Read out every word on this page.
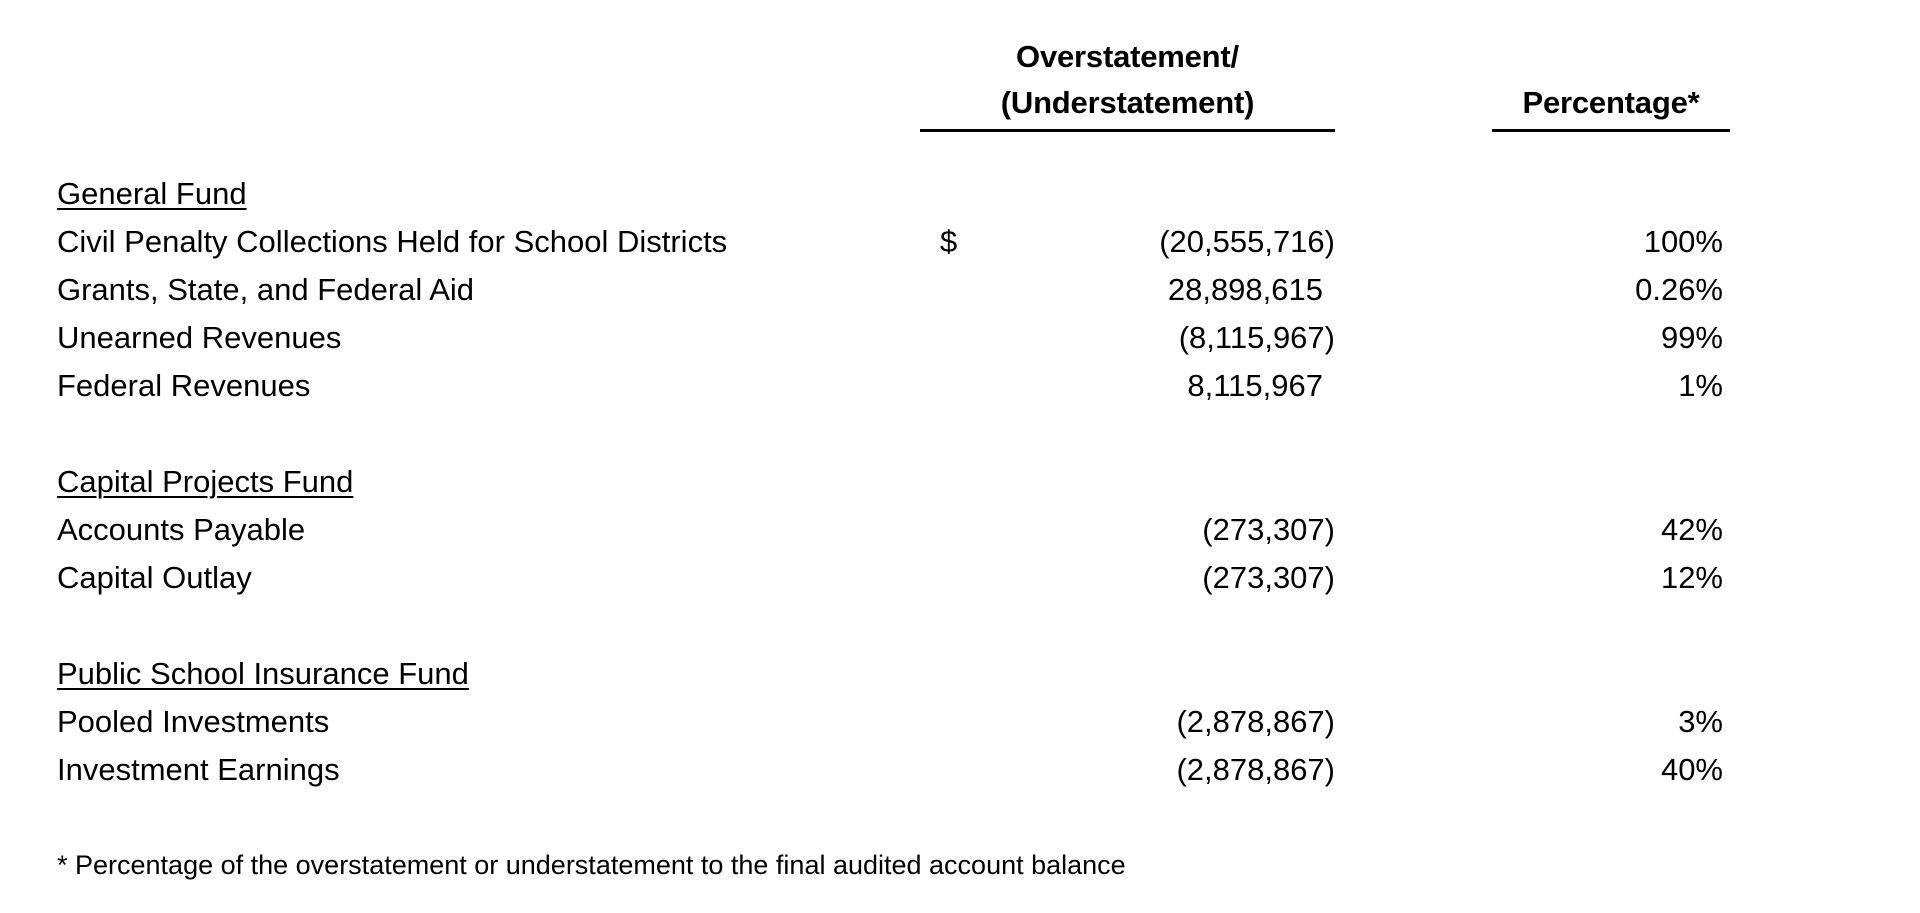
Overstatement/
(Understatement)	Percentage*
General Fund
Civil Penalty Collections Held for School Districts	$	(20,555,716)	100%
Grants, State, and Federal Aid	28,898,615	0.26%
Unearned Revenues	(8,115,967)	99%
Federal Revenues	8,115,967	1%
Capital Projects Fund
Accounts Payable	(273,307)	42%
Capital Outlay	(273,307)	12%
Public School Insurance Fund
Pooled Investments	(2,878,867)	3%
Investment Earnings	(2,878,867)	40%
* Percentage of the overstatement or understatement to the final audited account balance
